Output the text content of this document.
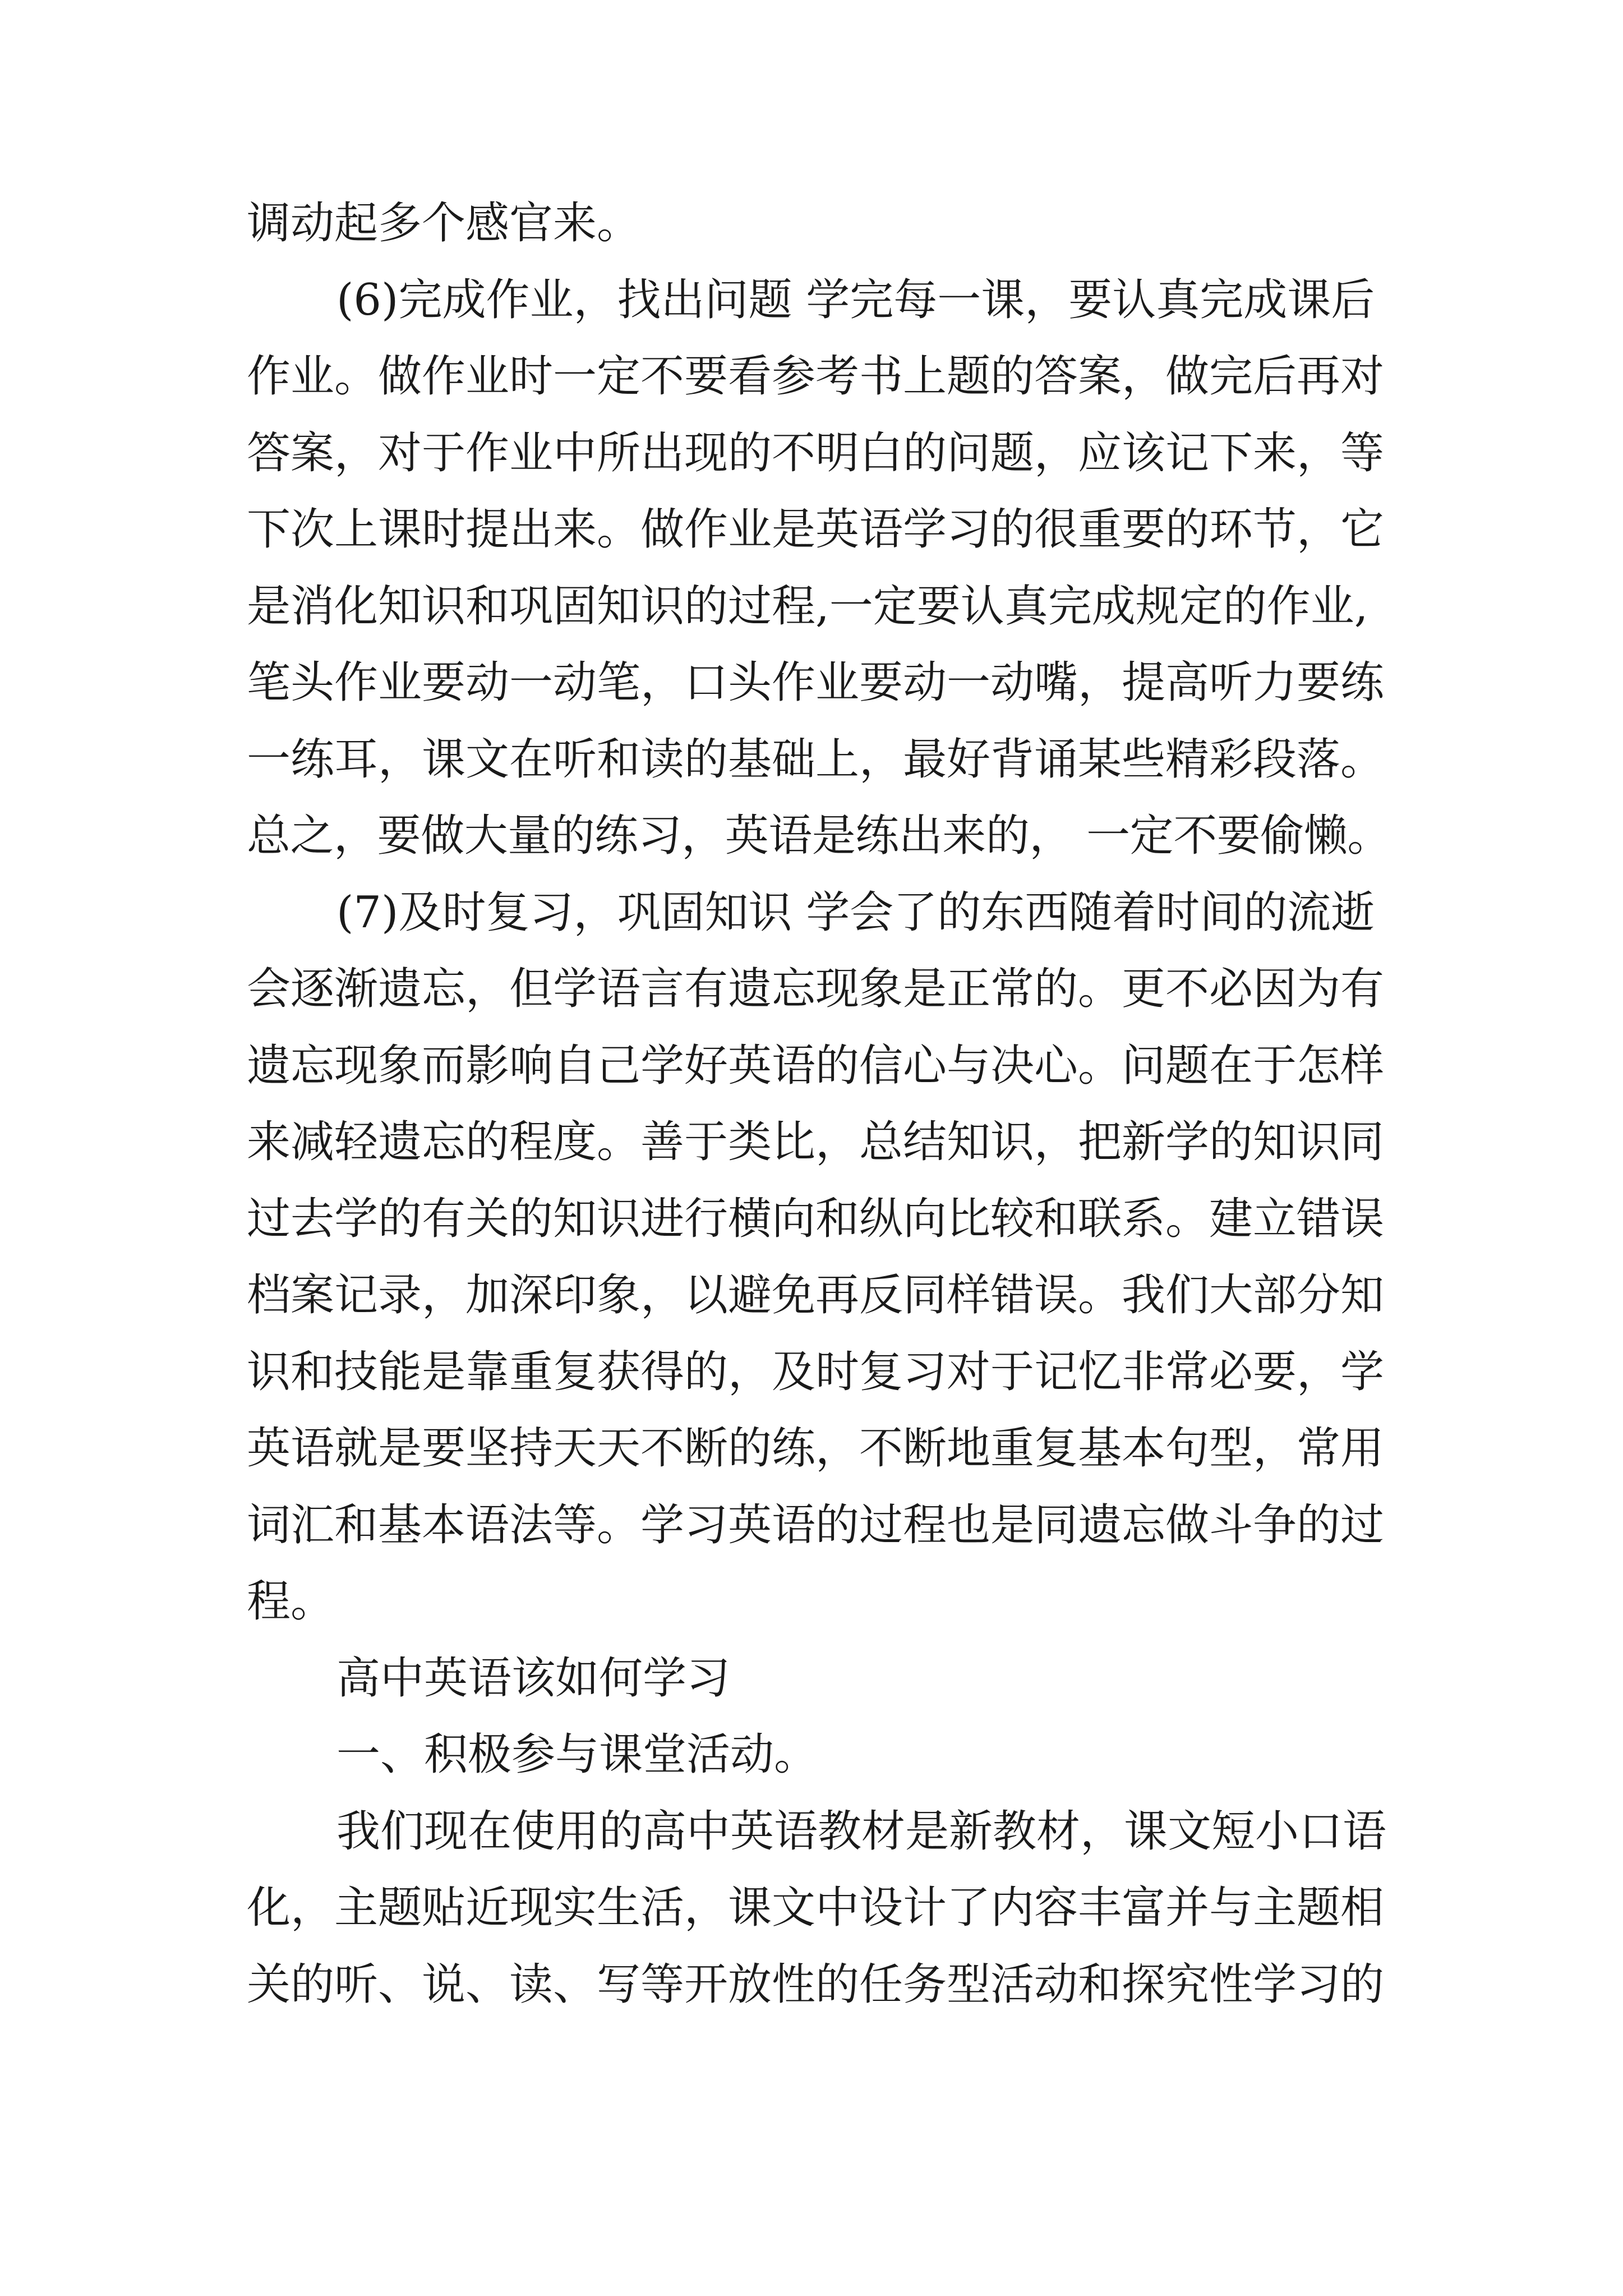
调动起多个感官来。
(6)完成作业，找出问题 学完每一课，要认真完成课后
作业。做作业时一定不要看参考书上题的答案，做完后再对
答案，对于作业中所出现的不明白的问题，应该记下来，等
下次上课时提出来。做作业是英语学习的很重要的环节，它
是消化知识和巩固知识的过程,一定要认真完成规定的作业,
笔头作业要动一动笔，口头作业要动一动嘴，提高听力要练
一练耳，课文在听和读的基础上，最好背诵某些精彩段落。
总之，要做大量的练习，英语是练出来的， 一定不要偷懒。
(7)及时复习，巩固知识 学会了的东西随着时间的流逝
会逐渐遗忘，但学语言有遗忘现象是正常的。更不必因为有
遗忘现象而影响自己学好英语的信心与决心。问题在于怎样
来减轻遗忘的程度。善于类比，总结知识，把新学的知识同
过去学的有关的知识进行横向和纵向比较和联系。建立错误
档案记录，加深印象，以避免再反同样错误。我们大部分知
识和技能是靠重复获得的，及时复习对于记忆非常必要，学
英语就是要坚持天天不断的练，不断地重复基本句型，常用
词汇和基本语法等。学习英语的过程也是同遗忘做斗争的过
程。
高中英语该如何学习
一、积极参与课堂活动。
我们现在使用的高中英语教材是新教材，课文短小口语
化，主题贴近现实生活，课文中设计了内容丰富并与主题相
关的听、说、读、写等开放性的任务型活动和探究性学习的
